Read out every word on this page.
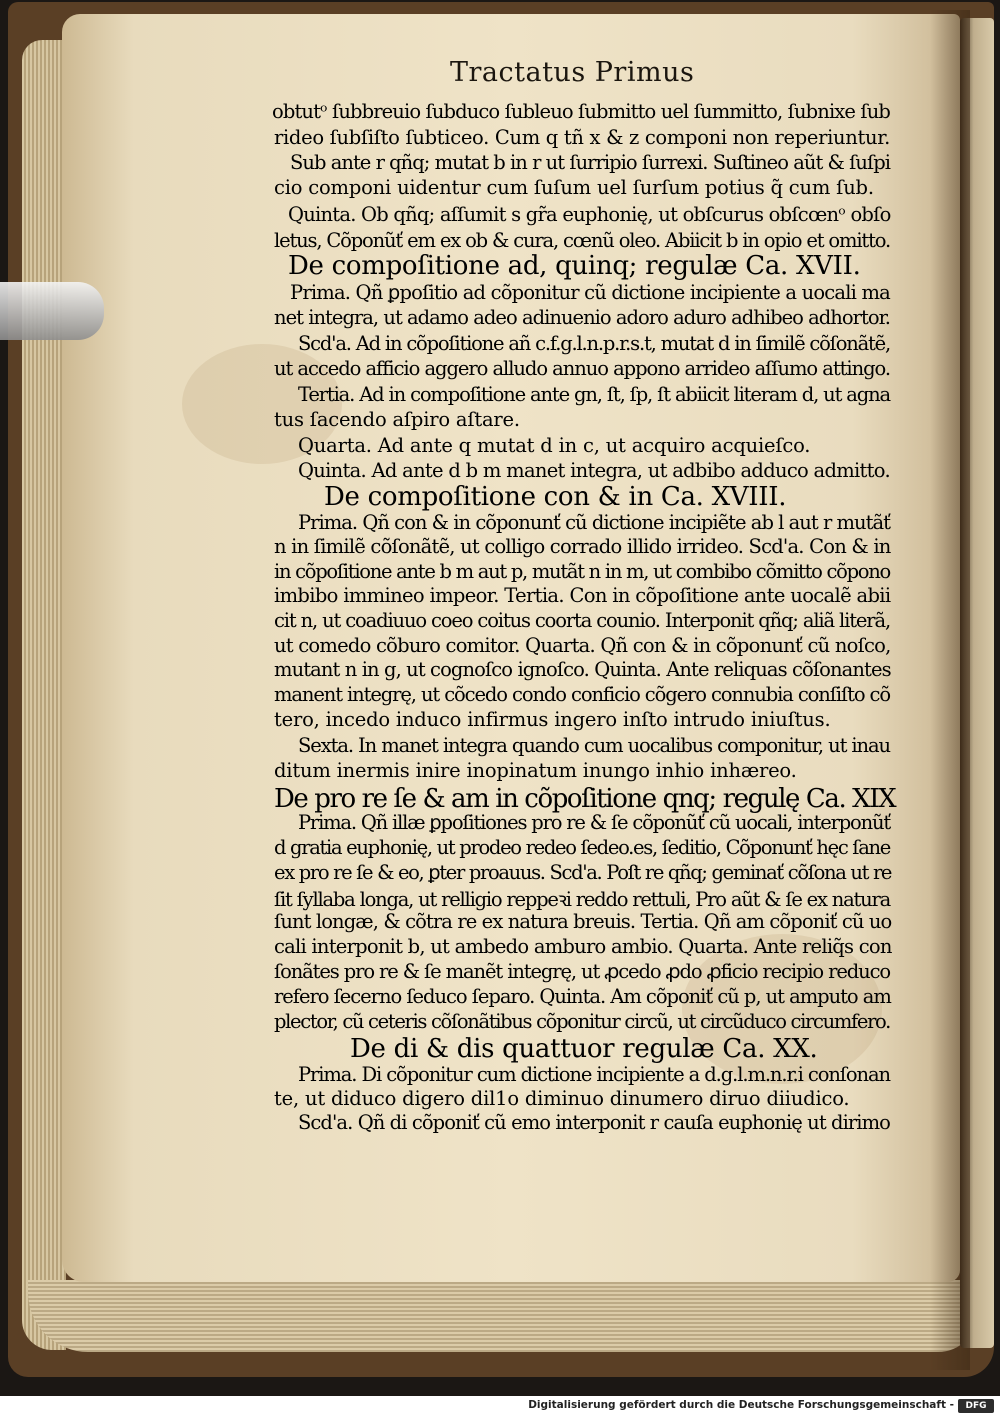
Tractatus Primus
obtutᵒ ſubbreuio ſubduco ſubleuo ſubmitto uel ſummitto, ſubnixe ſub
rideo ſubſiſto ſubticeo. Cum q tñ x & z componi non reperiuntur.
Sub ante r qñq; mutat b in r ut ſurripio ſurrexi. Suſtineo aũt & ſuſpi
cio componi uidentur cum ſuſum uel ſurſum potius q̃ cum ſub.
Quinta. Ob qñq; aſſumit s gr̃a euphonię, ut obſcurus obſcœnᵒ obſo
letus, Cõponũť em ex ob & cura, cœnũ oleo. Abiicit b in opio et omitto.
De compoſitione ad, quinq; regulæ Ca. XVII.
Prima. Qñ ꝑpoſitio ad cõponitur cũ dictione incipiente a uocali ma
net integra, ut adamo adeo adinuenio adoro aduro adhibeo adhortor.
Scd'a. Ad in cõpoſitione añ c.f.g.l.n.p.r.s.t, mutat d in ſimilẽ cõſonãtẽ,
ut accedo afficio aggero alludo annuo appono arrideo aſſumo attingo.
Tertia. Ad in compoſitione ante gn, ſt, ſp, ſt abiicit literam d, ut agna
tus ſacendo aſpiro aſtare.
Quarta. Ad ante q mutat d in c, ut acquiro acquieſco.
Quinta. Ad ante d b m manet integra, ut adbibo adduco admitto.
De compoſitione con & in Ca. XVIII.
Prima. Qñ con & in cõponunť cũ dictione incipiẽte ab l aut r mutãť
n in ſimilẽ cõſonãtẽ, ut colligo corrado illido irrideo. Scd'a. Con & in
in cõpoſitione ante b m aut p, mutãt n in m, ut combibo cõmitto cõpono
imbibo immineo impeor. Tertia. Con in cõpoſitione ante uocalẽ abii
cit n, ut coadiuuo coeo coitus coorta counio. Interponit qñq; aliã literã,
ut comedo cõburo comitor. Quarta. Qñ con & in cõponunť cũ noſco,
mutant n in g, ut cognoſco ignoſco. Quinta. Ante reliquas cõſonantes
manent integrę, ut cõcedo condo conficio cõgero connubia conſiſto cõ
tero, incedo induco infirmus ingero inſto intrudo iniuſtus.
Sexta. In manet integra quando cum uocalibus componitur, ut inau
ditum inermis inire inopinatum inungo inhio inhæreo.
De pro re ſe & am in cõpoſitione qnq; regulę Ca. XIX
Prima. Qñ illæ ꝑpoſitiones pro re & ſe cõponũť cũ uocali, interponũť
d gratia euphonię, ut prodeo redeo ſedeo.es, ſeditio, Cõponunť hęc ſane
ex pro re ſe & eo, ꝑter proauus. Scd'a. Poſt re qñq; geminať cõſona ut re
ſit ſyllaba longa, ut relligio reppeꝛi reddo rettuli, Pro aũt & ſe ex natura
ſunt longæ, & cõtra re ex natura breuis. Tertia. Qñ am cõponiť cũ uo
cali interponit b, ut ambedo amburo ambio. Quarta. Ante reliq̃s con
ſonãtes pro re & ſe manẽt integrę, ut ꝓcedo ꝓdo ꝓficio recipio reduco
refero ſecerno ſeduco ſeparo. Quinta. Am cõponiť cũ p, ut amputo am
plector, cũ ceteris cõſonãtibus cõponitur circũ, ut circũduco circumfero.
De di & dis quattuor regulæ Ca. XX.
Prima. Di cõponitur cum dictione incipiente a d.g.l.m.n.r.i conſonan
te, ut diduco digero dil1o diminuo dinumero diruo diiudico.
Scd'a. Qñ di cõponiť cũ emo interponit r cauſa euphonię ut dirimo
Digitalisierung gefördert durch die Deutsche Forschungsgemeinschaft -	DFG
